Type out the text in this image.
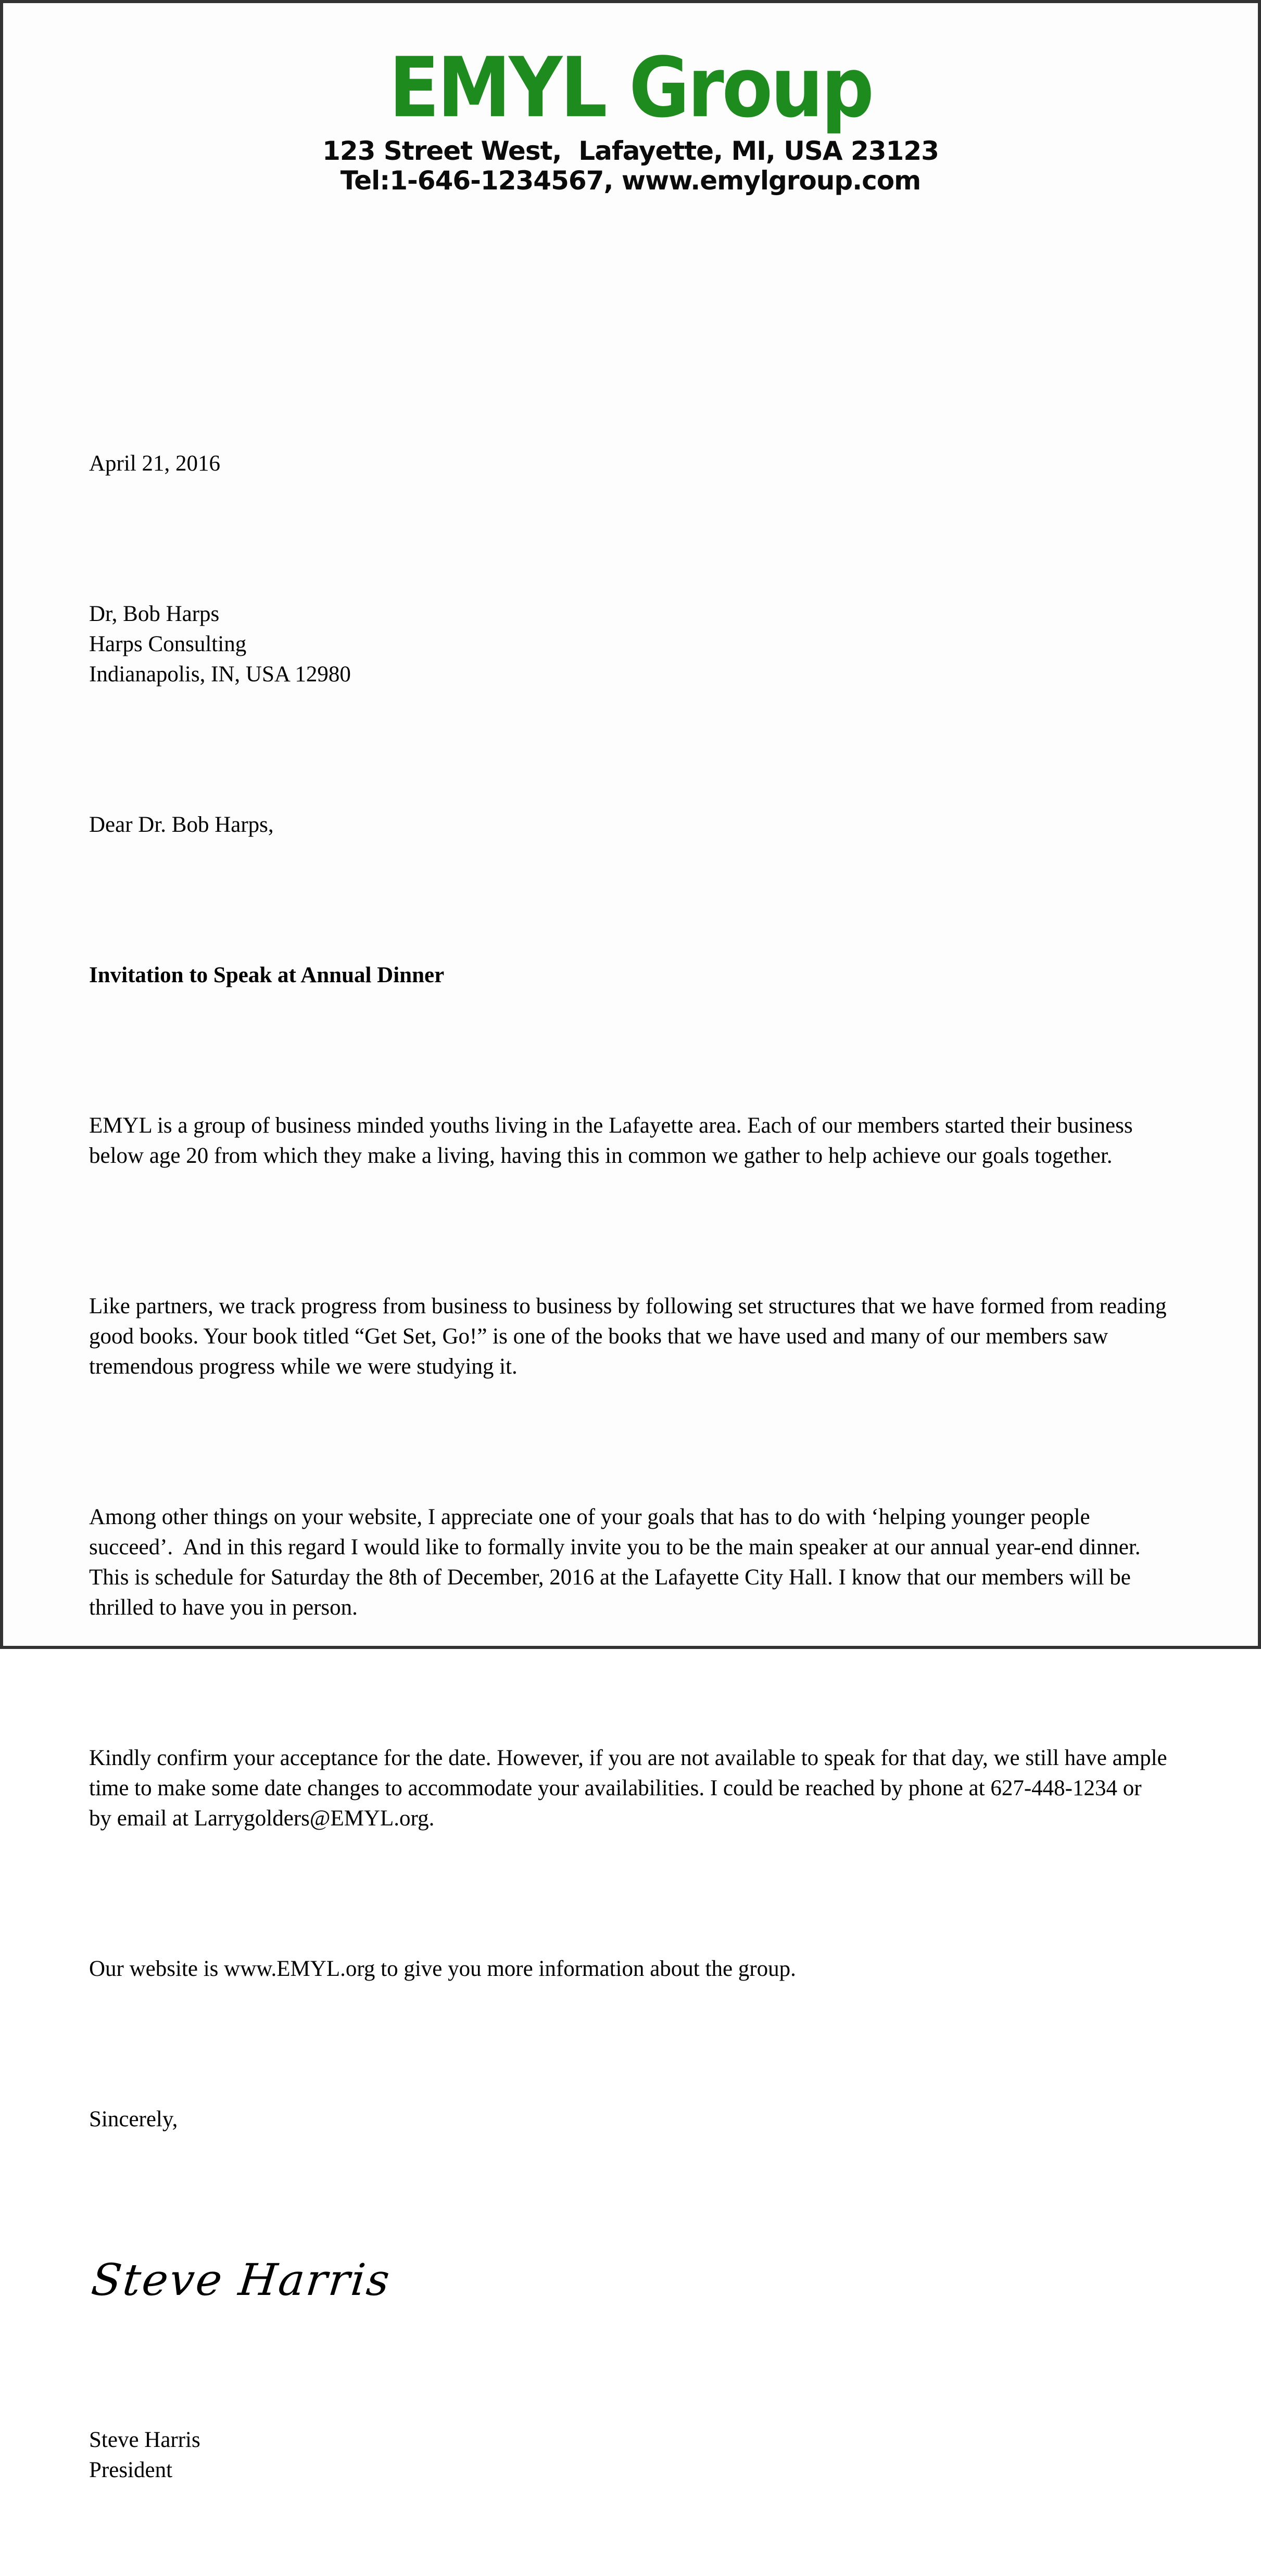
EMYL Group
123 Street West,  Lafayette, MI, USA 23123
Tel:1-646-1234567, www.emylgroup.com

April 21, 2016

Dr, Bob Harps
Harps Consulting
Indianapolis, IN, USA 12980

Dear Dr. Bob Harps,

Invitation to Speak at Annual Dinner

EMYL is a group of business minded youths living in the Lafayette area. Each of our members started their business below age 20 from which they make a living, having this in common we gather to help achieve our goals together.

Like partners, we track progress from business to business by following set structures that we have formed from reading good books. Your book titled “Get Set, Go!” is one of the books that we have used and many of our members saw tremendous progress while we were studying it.

Among other things on your website, I appreciate one of your goals that has to do with ‘helping younger people succeed’.  And in this regard I would like to formally invite you to be the main speaker at our annual year-end dinner. This is schedule for Saturday the 8th of December, 2016 at the Lafayette City Hall. I know that our members will be thrilled to have you in person.

Kindly confirm your acceptance for the date. However, if you are not available to speak for that day, we still have ample time to make some date changes to accommodate your availabilities. I could be reached by phone at 627-448-1234 or  by email at Larrygolders@EMYL.org.

Our website is www.EMYL.org to give you more information about the group.

Sincerely,

Steve Harris

Steve Harris
President
